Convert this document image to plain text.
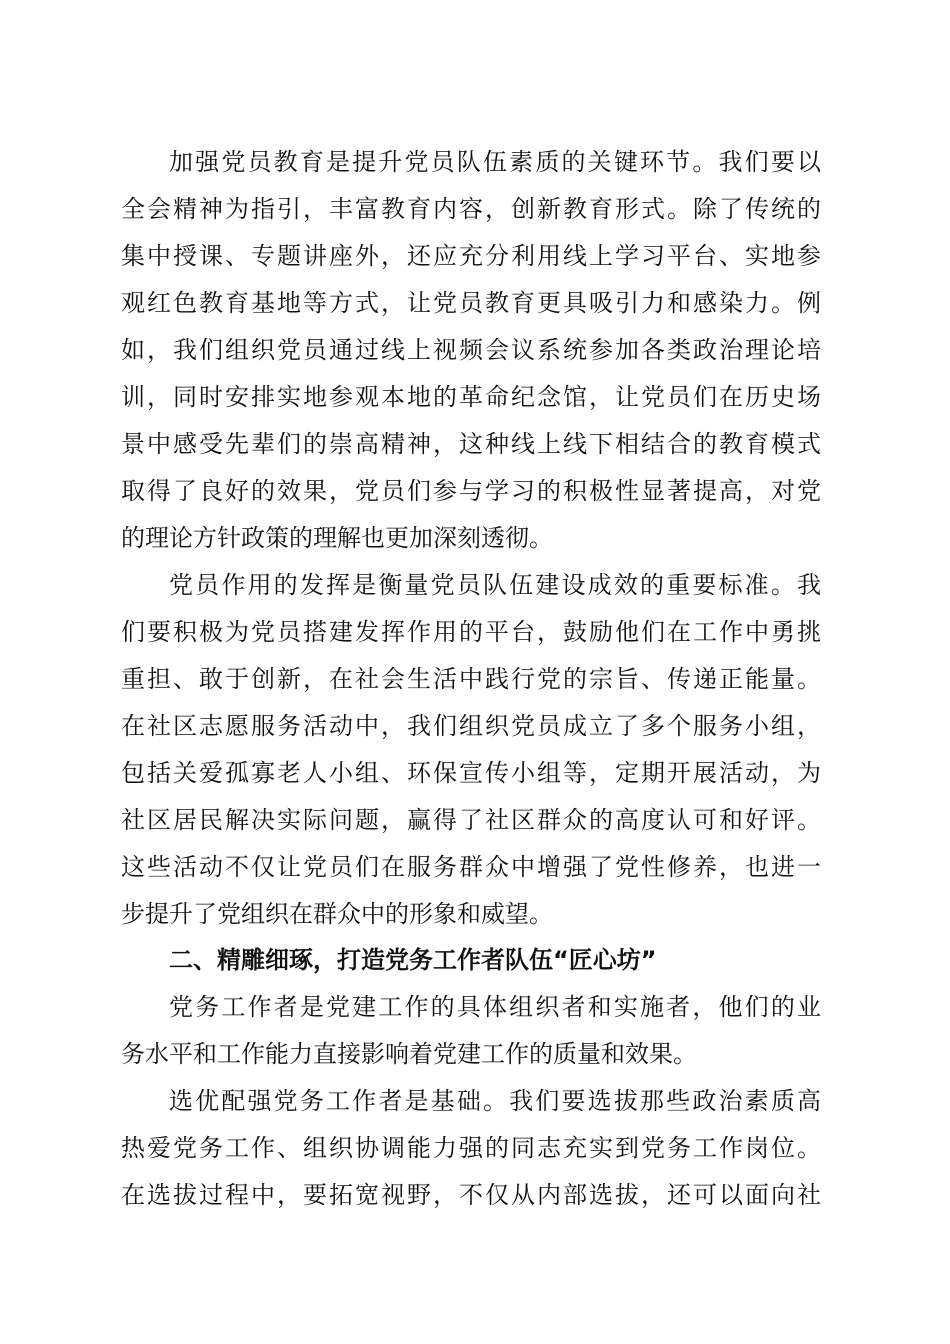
加强党员教育是提升党员队伍素质的关键环节。我们要以
全会精神为指引，丰富教育内容，创新教育形式。除了传统的
集中授课、专题讲座外，还应充分利用线上学习平台、实地参
观红色教育基地等方式，让党员教育更具吸引力和感染力。例
如，我们组织党员通过线上视频会议系统参加各类政治理论培
训，同时安排实地参观本地的革命纪念馆，让党员们在历史场
景中感受先辈们的崇高精神，这种线上线下相结合的教育模式
取得了良好的效果，党员们参与学习的积极性显著提高，对党
的理论方针政策的理解也更加深刻透彻。
党员作用的发挥是衡量党员队伍建设成效的重要标准。我
们要积极为党员搭建发挥作用的平台，鼓励他们在工作中勇挑
重担、敢于创新，在社会生活中践行党的宗旨、传递正能量。
在社区志愿服务活动中，我们组织党员成立了多个服务小组，
包括关爱孤寡老人小组、环保宣传小组等，定期开展活动，为
社区居民解决实际问题，赢得了社区群众的高度认可和好评。
这些活动不仅让党员们在服务群众中增强了党性修养，也进一
步提升了党组织在群众中的形象和威望。
二、精雕细琢，打造党务工作者队伍“匠心坊”
党务工作者是党建工作的具体组织者和实施者，他们的业
务水平和工作能力直接影响着党建工作的质量和效果。
选优配强党务工作者是基础。我们要选拔那些政治素质高
热爱党务工作、组织协调能力强的同志充实到党务工作岗位。
在选拔过程中，要拓宽视野，不仅从内部选拔，还可以面向社
